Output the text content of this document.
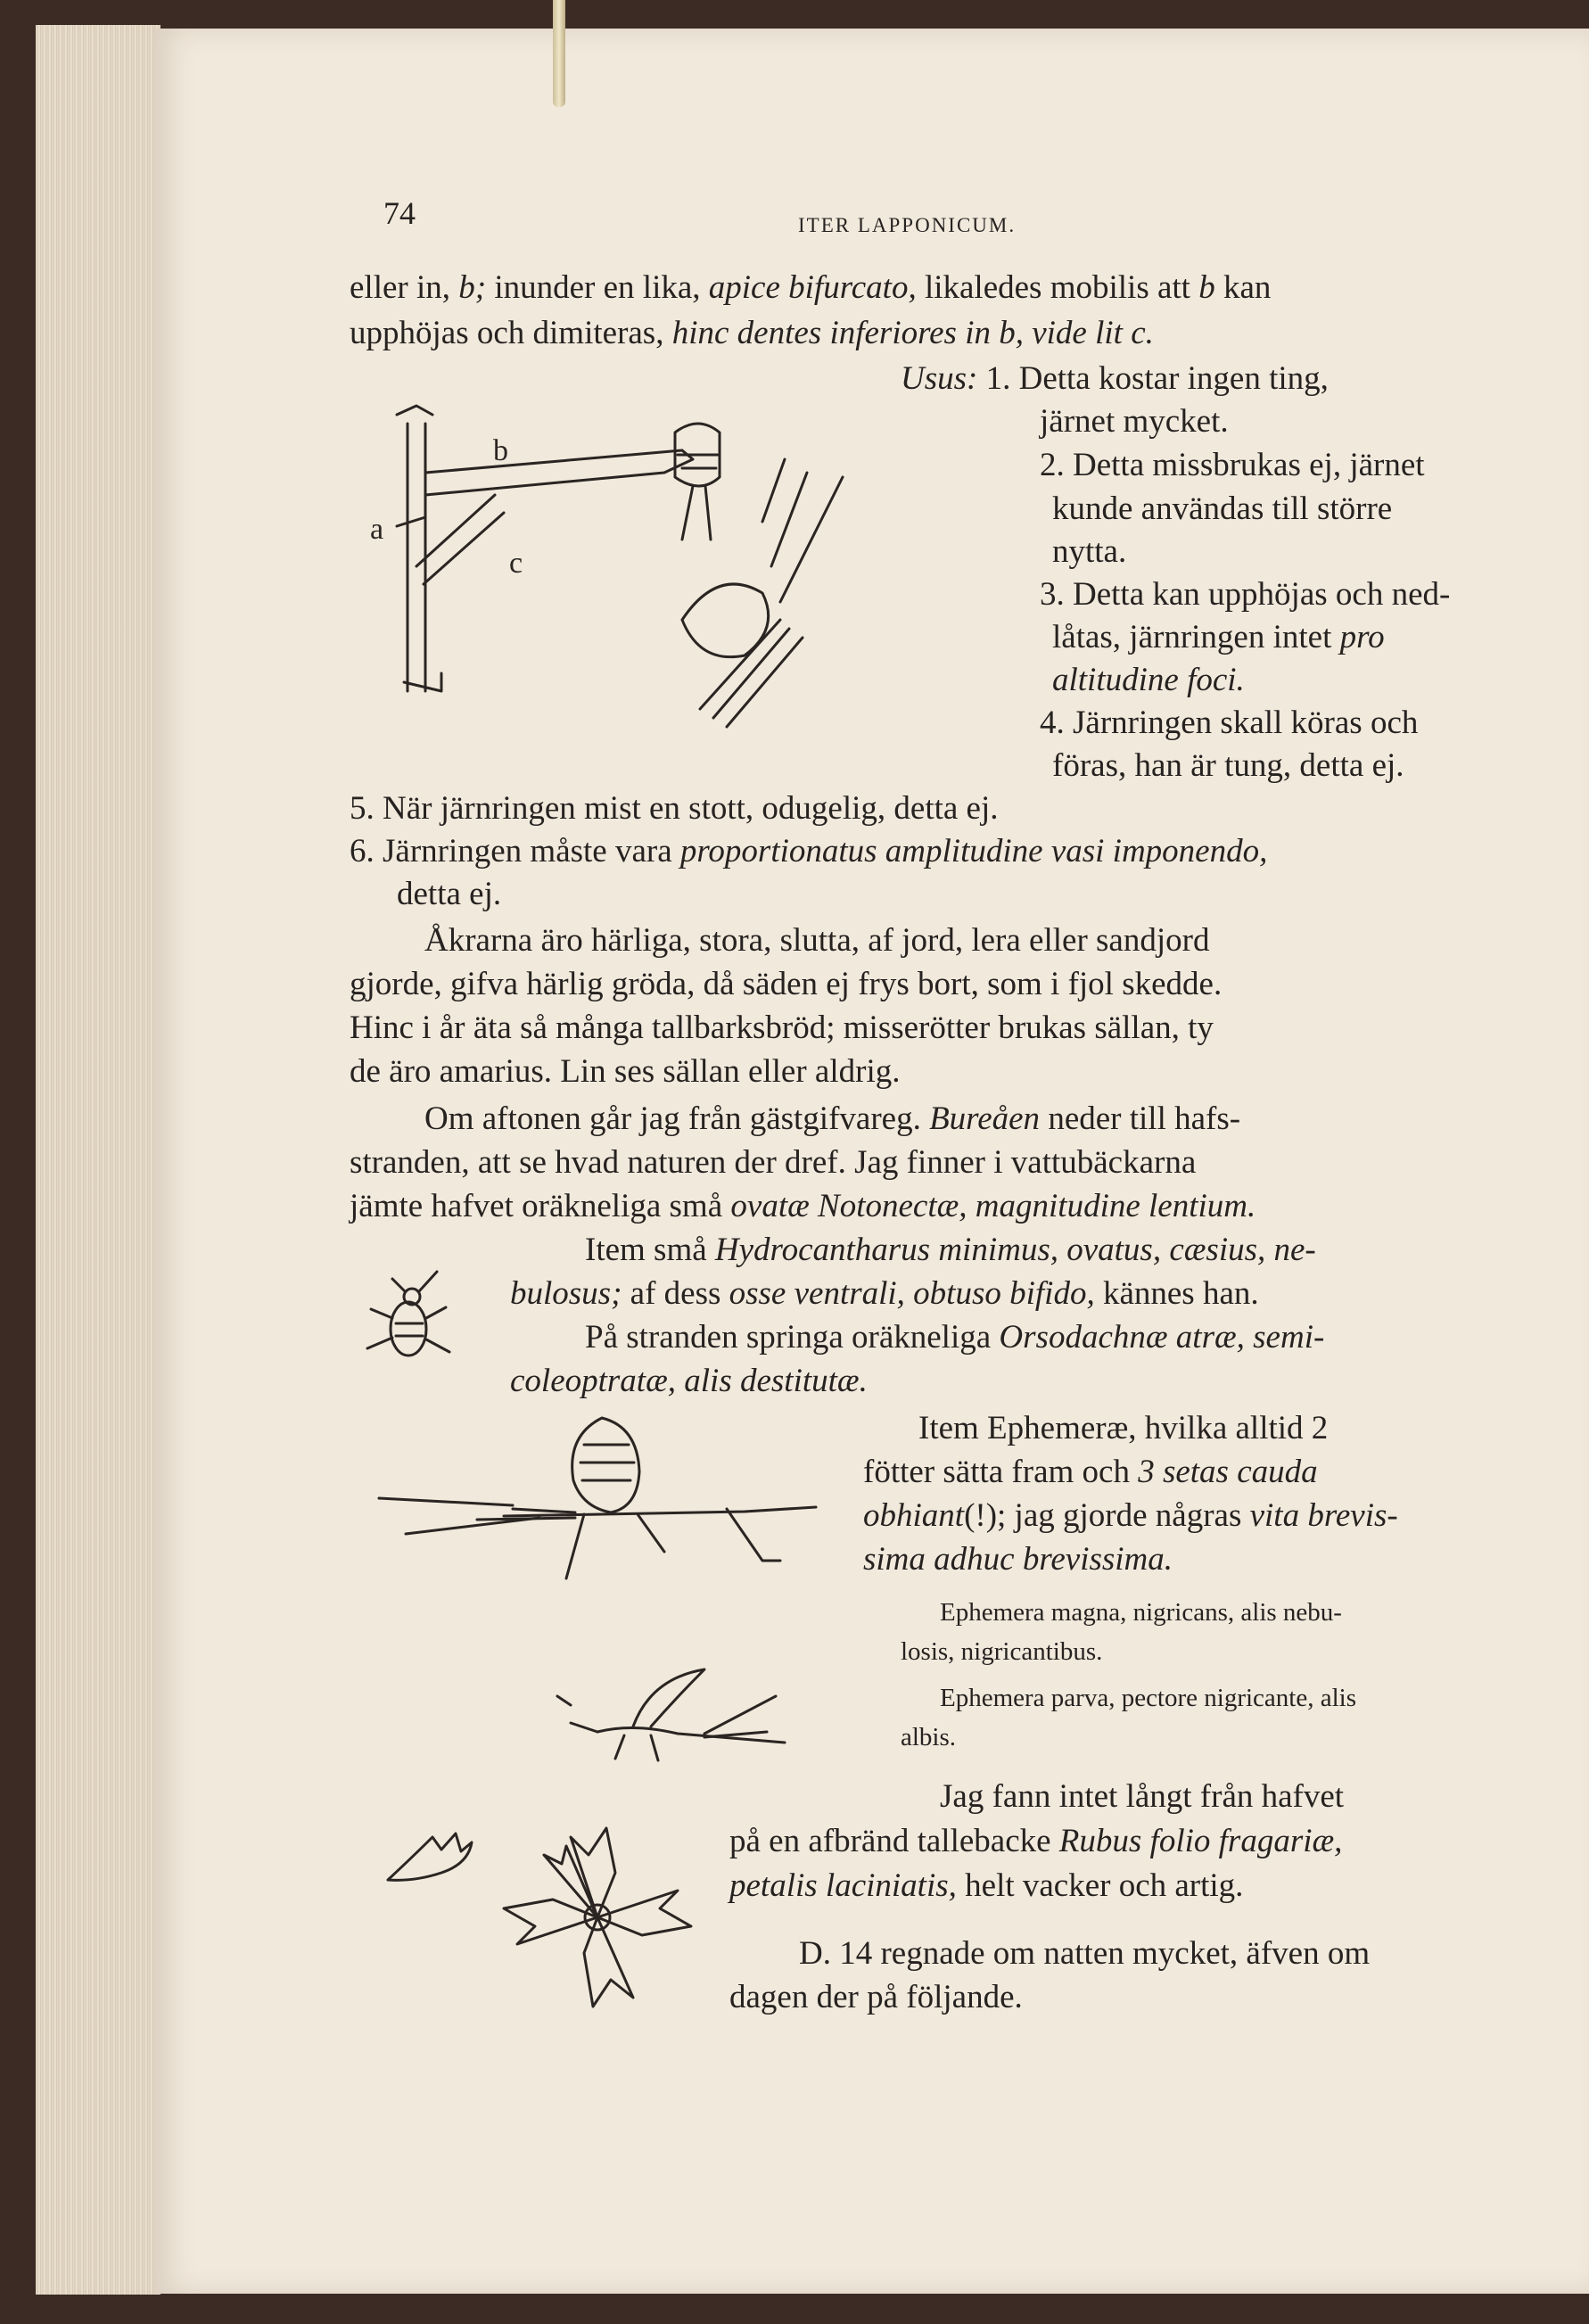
74	ITER LAPPONICUM.

eller in, b; inunder en lika, apice bifurcato, likaledes mobilis att b kan

upphöjas och dimiteras, hinc dentes inferiores in b, vide lit c.

Usus: 1. Detta kostar ingen ting,

järnet mycket.

2. Detta missbrukas ej, järnet

kunde användas till större

nytta.

3. Detta kan upphöjas och ned-

låtas, järnringen intet pro

altitudine foci.

4. Järnringen skall köras och

föras, han är tung, detta ej.

5. När järnringen mist en stott, odugelig, detta ej.

6. Järnringen måste vara proportionatus amplitudine vasi imponendo,

detta ej.

Åkrarna äro härliga, stora, slutta, af jord, lera eller sandjord

gjorde, gifva härlig gröda, då säden ej frys bort, som i fjol skedde.

Hinc i år äta så många tallbarksbröd; misserötter brukas sällan, ty

de äro amarius. Lin ses sällan eller aldrig.

Om aftonen går jag från gästgifvareg. Bureåen neder till hafs-

stranden, att se hvad naturen der dref. Jag finner i vattubäckarna

jämte hafvet oräkneliga små ovatæ Notonectæ, magnitudine lentium.

Item små Hydrocantharus minimus, ovatus, cæsius, ne-

bulosus; af dess osse ventrali, obtuso bifido, kännes han.

På stranden springa oräkneliga Orsodachnæ atræ, semi-

coleoptratæ, alis destitutæ.

Item Ephemeræ, hvilka alltid 2

fötter sätta fram och 3 setas cauda

obhiant(!); jag gjorde någras vita brevis-

sima adhuc brevissima.

Ephemera magna, nigricans, alis nebu-

losis, nigricantibus.

Ephemera parva, pectore nigricante, alis

albis.

Jag fann intet långt från hafvet

på en afbränd tallebacke Rubus folio fragariæ,

petalis laciniatis, helt vacker och artig.

D. 14 regnade om natten mycket, äfven om

dagen der på följande.

a
b
c
